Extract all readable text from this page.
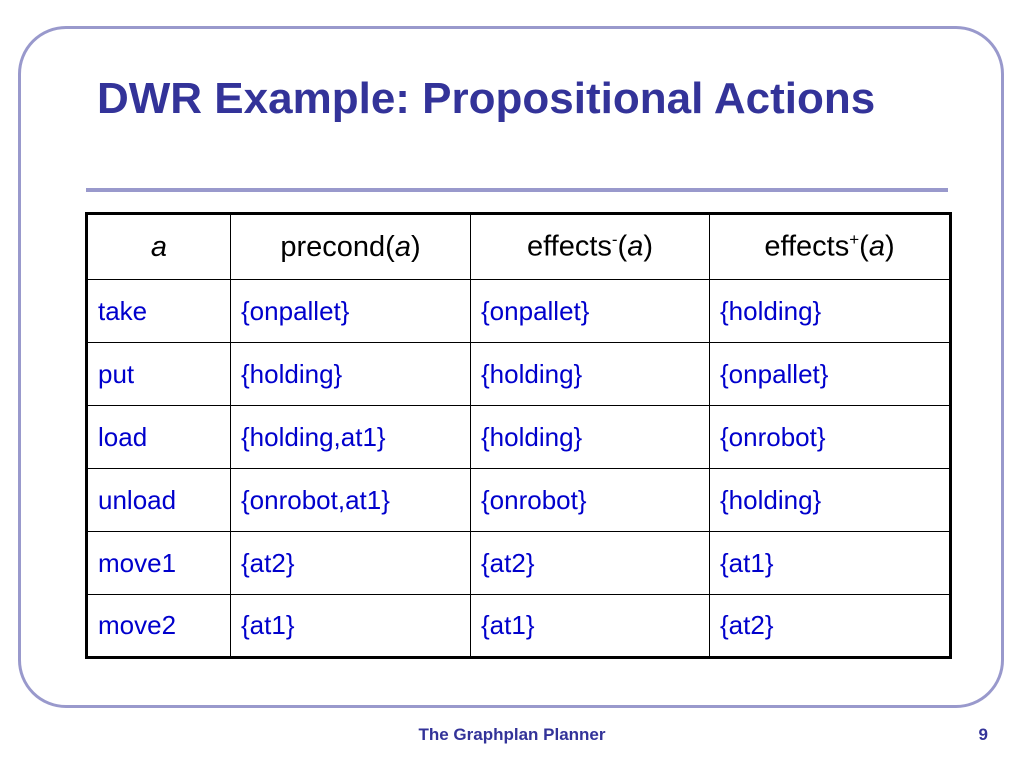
DWR Example: Propositional Actions
a	precond(a)	effects-(a)	effects+(a)
take	{onpallet}	{onpallet}	{holding}
put	{holding}	{holding}	{onpallet}
load	{holding,at1}	{holding}	{onrobot}
unload	{onrobot,at1}	{onrobot}	{holding}
move1	{at2}	{at2}	{at1}
move2	{at1}	{at1}	{at2}
The Graphplan Planner	9
